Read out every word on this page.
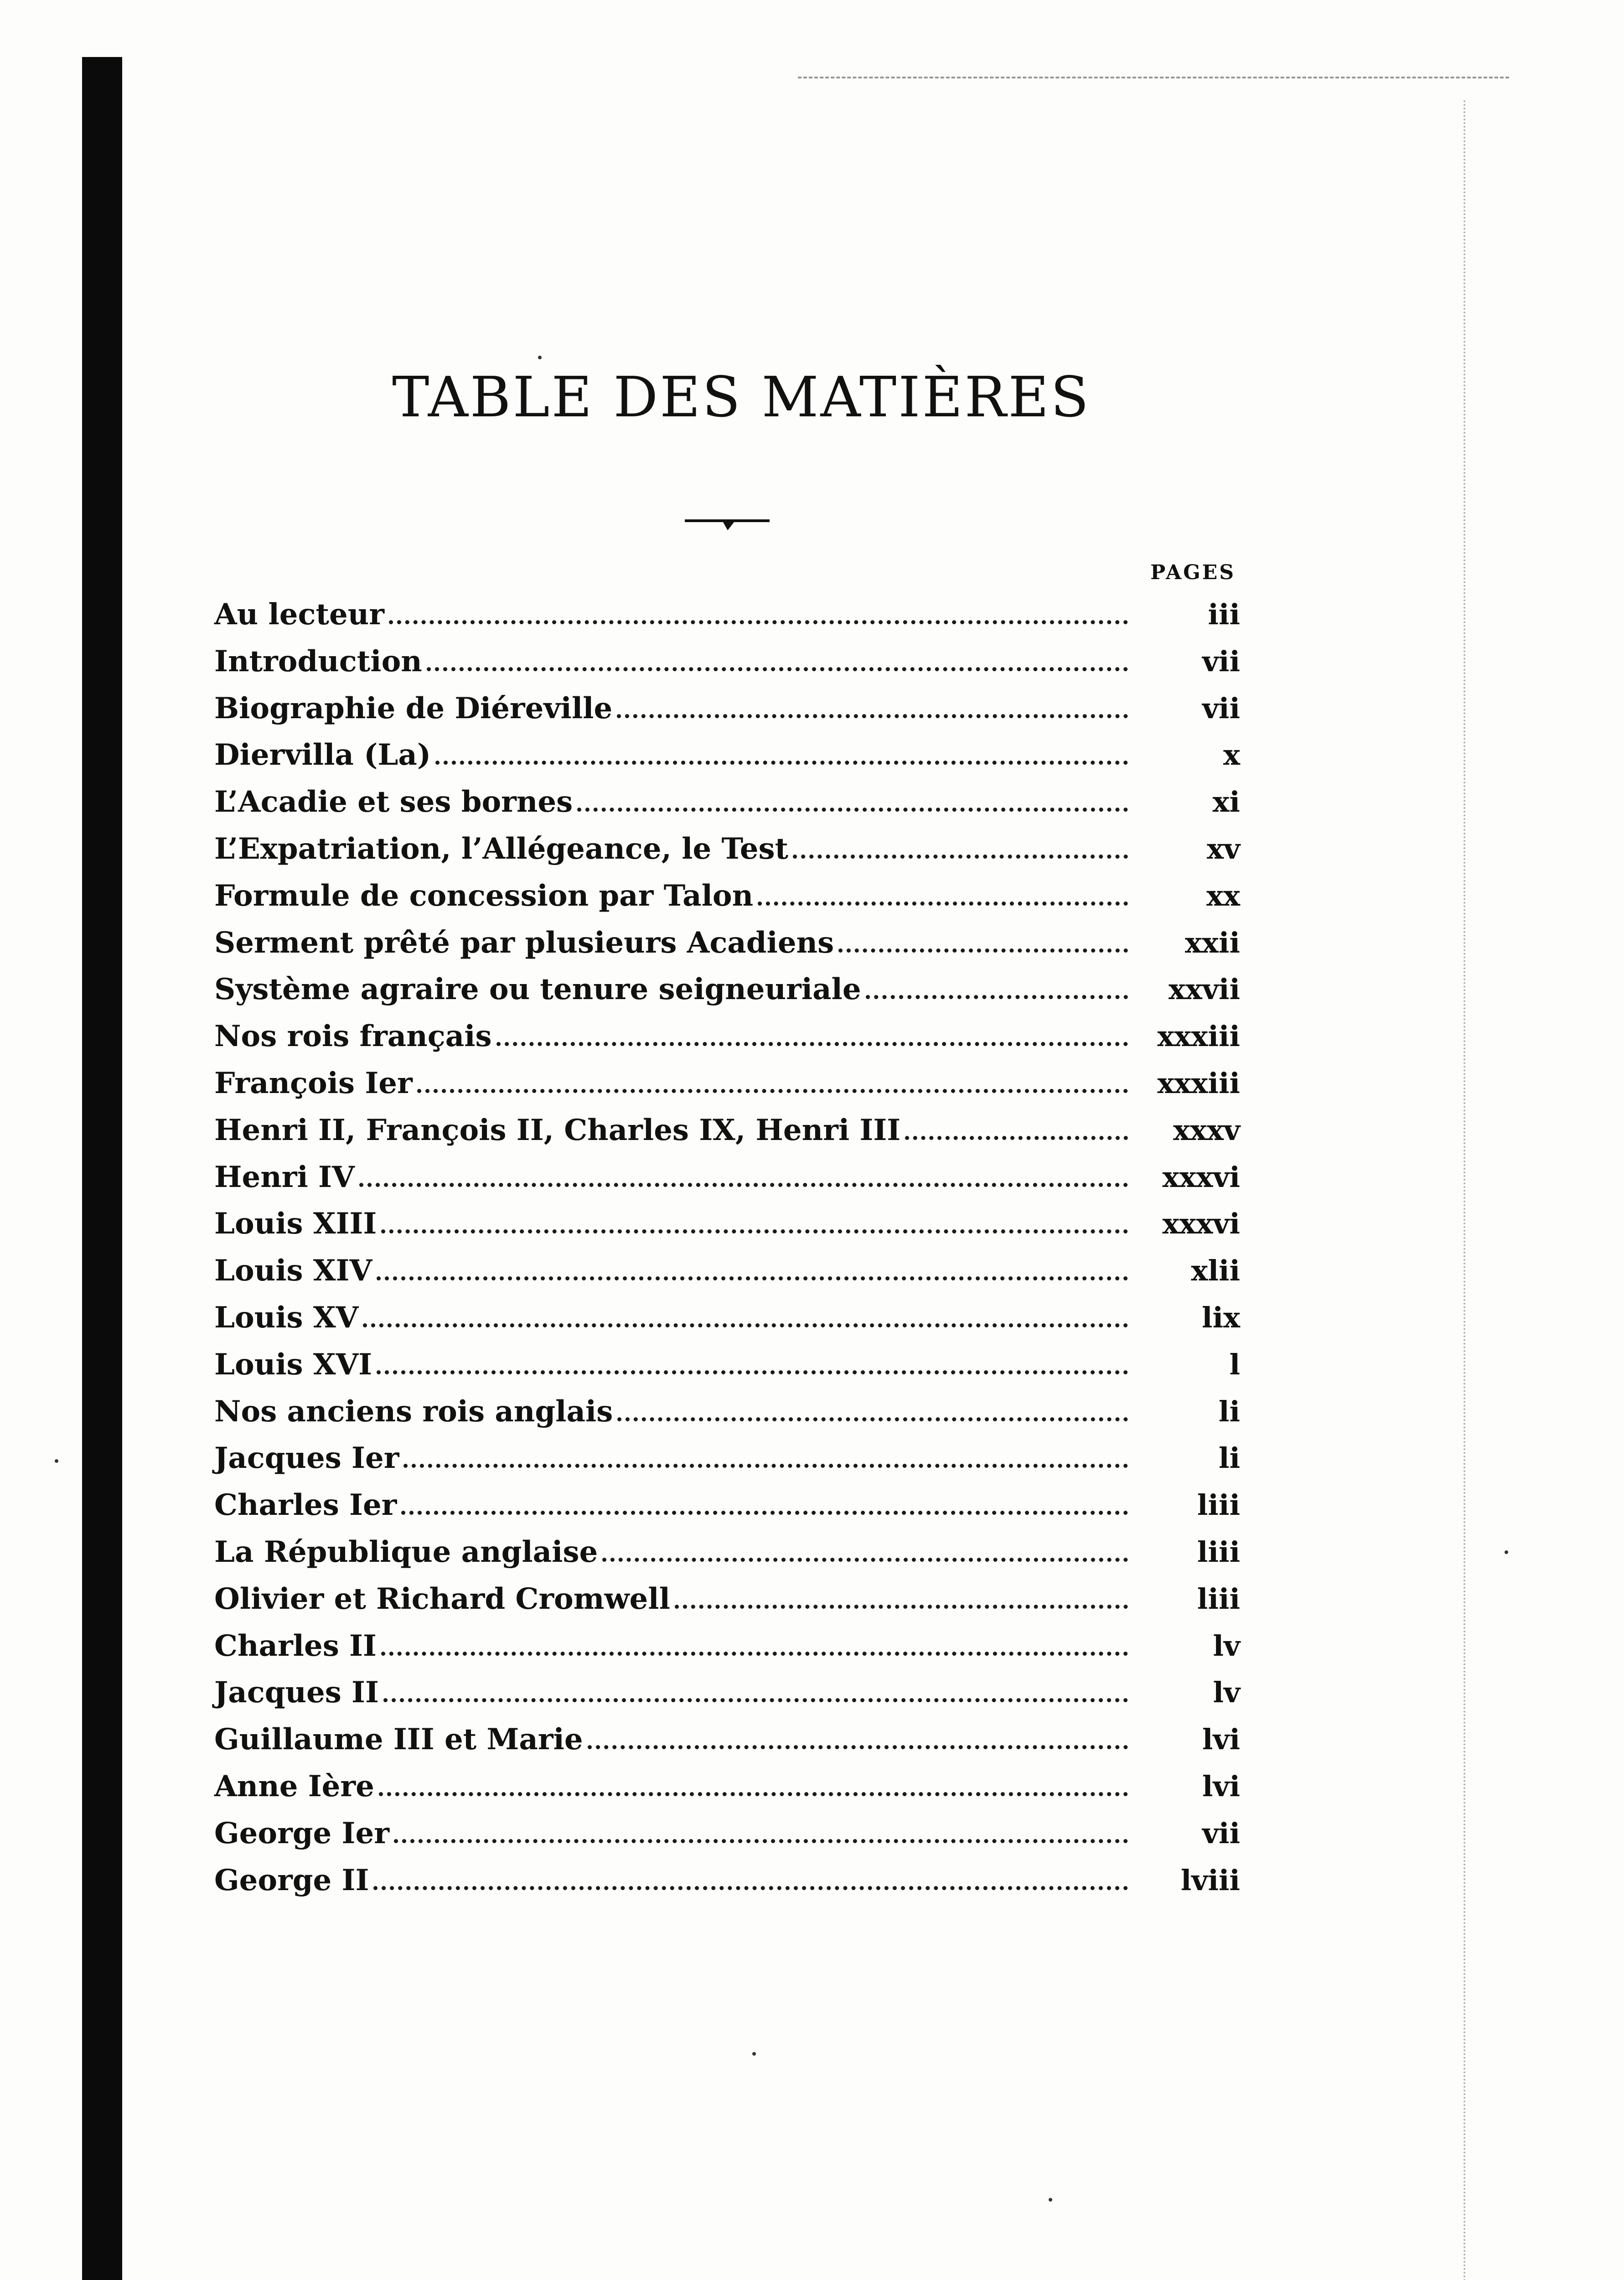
TABLE DES MATIÈRES
PAGES
Au lecteur	iii
Introduction	vii
Biographie de Diéreville	vii
Diervilla (La)	x
L’Acadie et ses bornes	xi
L’Expatriation, l’Allégeance, le Test	xv
Formule de concession par Talon	xx
Serment prêté par plusieurs Acadiens	xxii
Système agraire ou tenure seigneuriale	xxvii
Nos rois français	xxxiii
François Ier	xxxiii
Henri II, François II, Charles IX, Henri III	xxxv
Henri IV	xxxvi
Louis XIII	xxxvi
Louis XIV	xlii
Louis XV	lix
Louis XVI	l
Nos anciens rois anglais	li
Jacques Ier	li
Charles Ier	liii
La République anglaise	liii
Olivier et Richard Cromwell	liii
Charles II	lv
Jacques II	lv
Guillaume III et Marie	lvi
Anne Ière	lvi
George Ier	vii
George II	lviii
